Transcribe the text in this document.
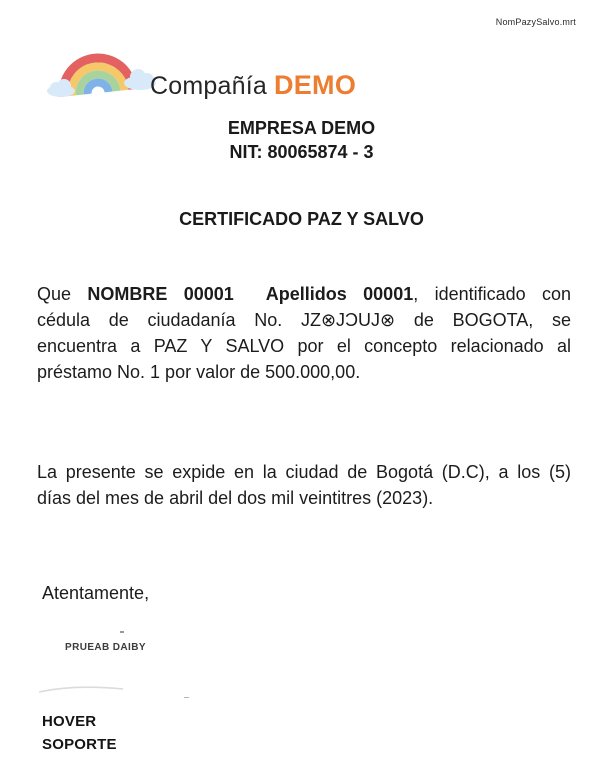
NomPazySalvo.mrt
Compañía DEMO
EMPRESA DEMO
NIT: 80065874 - 3
CERTIFICADO PAZ Y SALVO
Que NOMBRE 00001  Apellidos 00001, identificado con
cédula de ciudadanía No. ЈΖ⊗ЈƆUЈ⊗ de BOGOTA, se
encuentra a PAZ Y SALVO por el concepto relacionado al
préstamo No. 1 por valor de 500.000,00.
La presente se expide en la ciudad de Bogotá (D.C), a los (5)
días del mes de abril del dos mil veintitres (2023).
Atentamente,
PRUEAB DAIBY
HOVER
SOPORTE
